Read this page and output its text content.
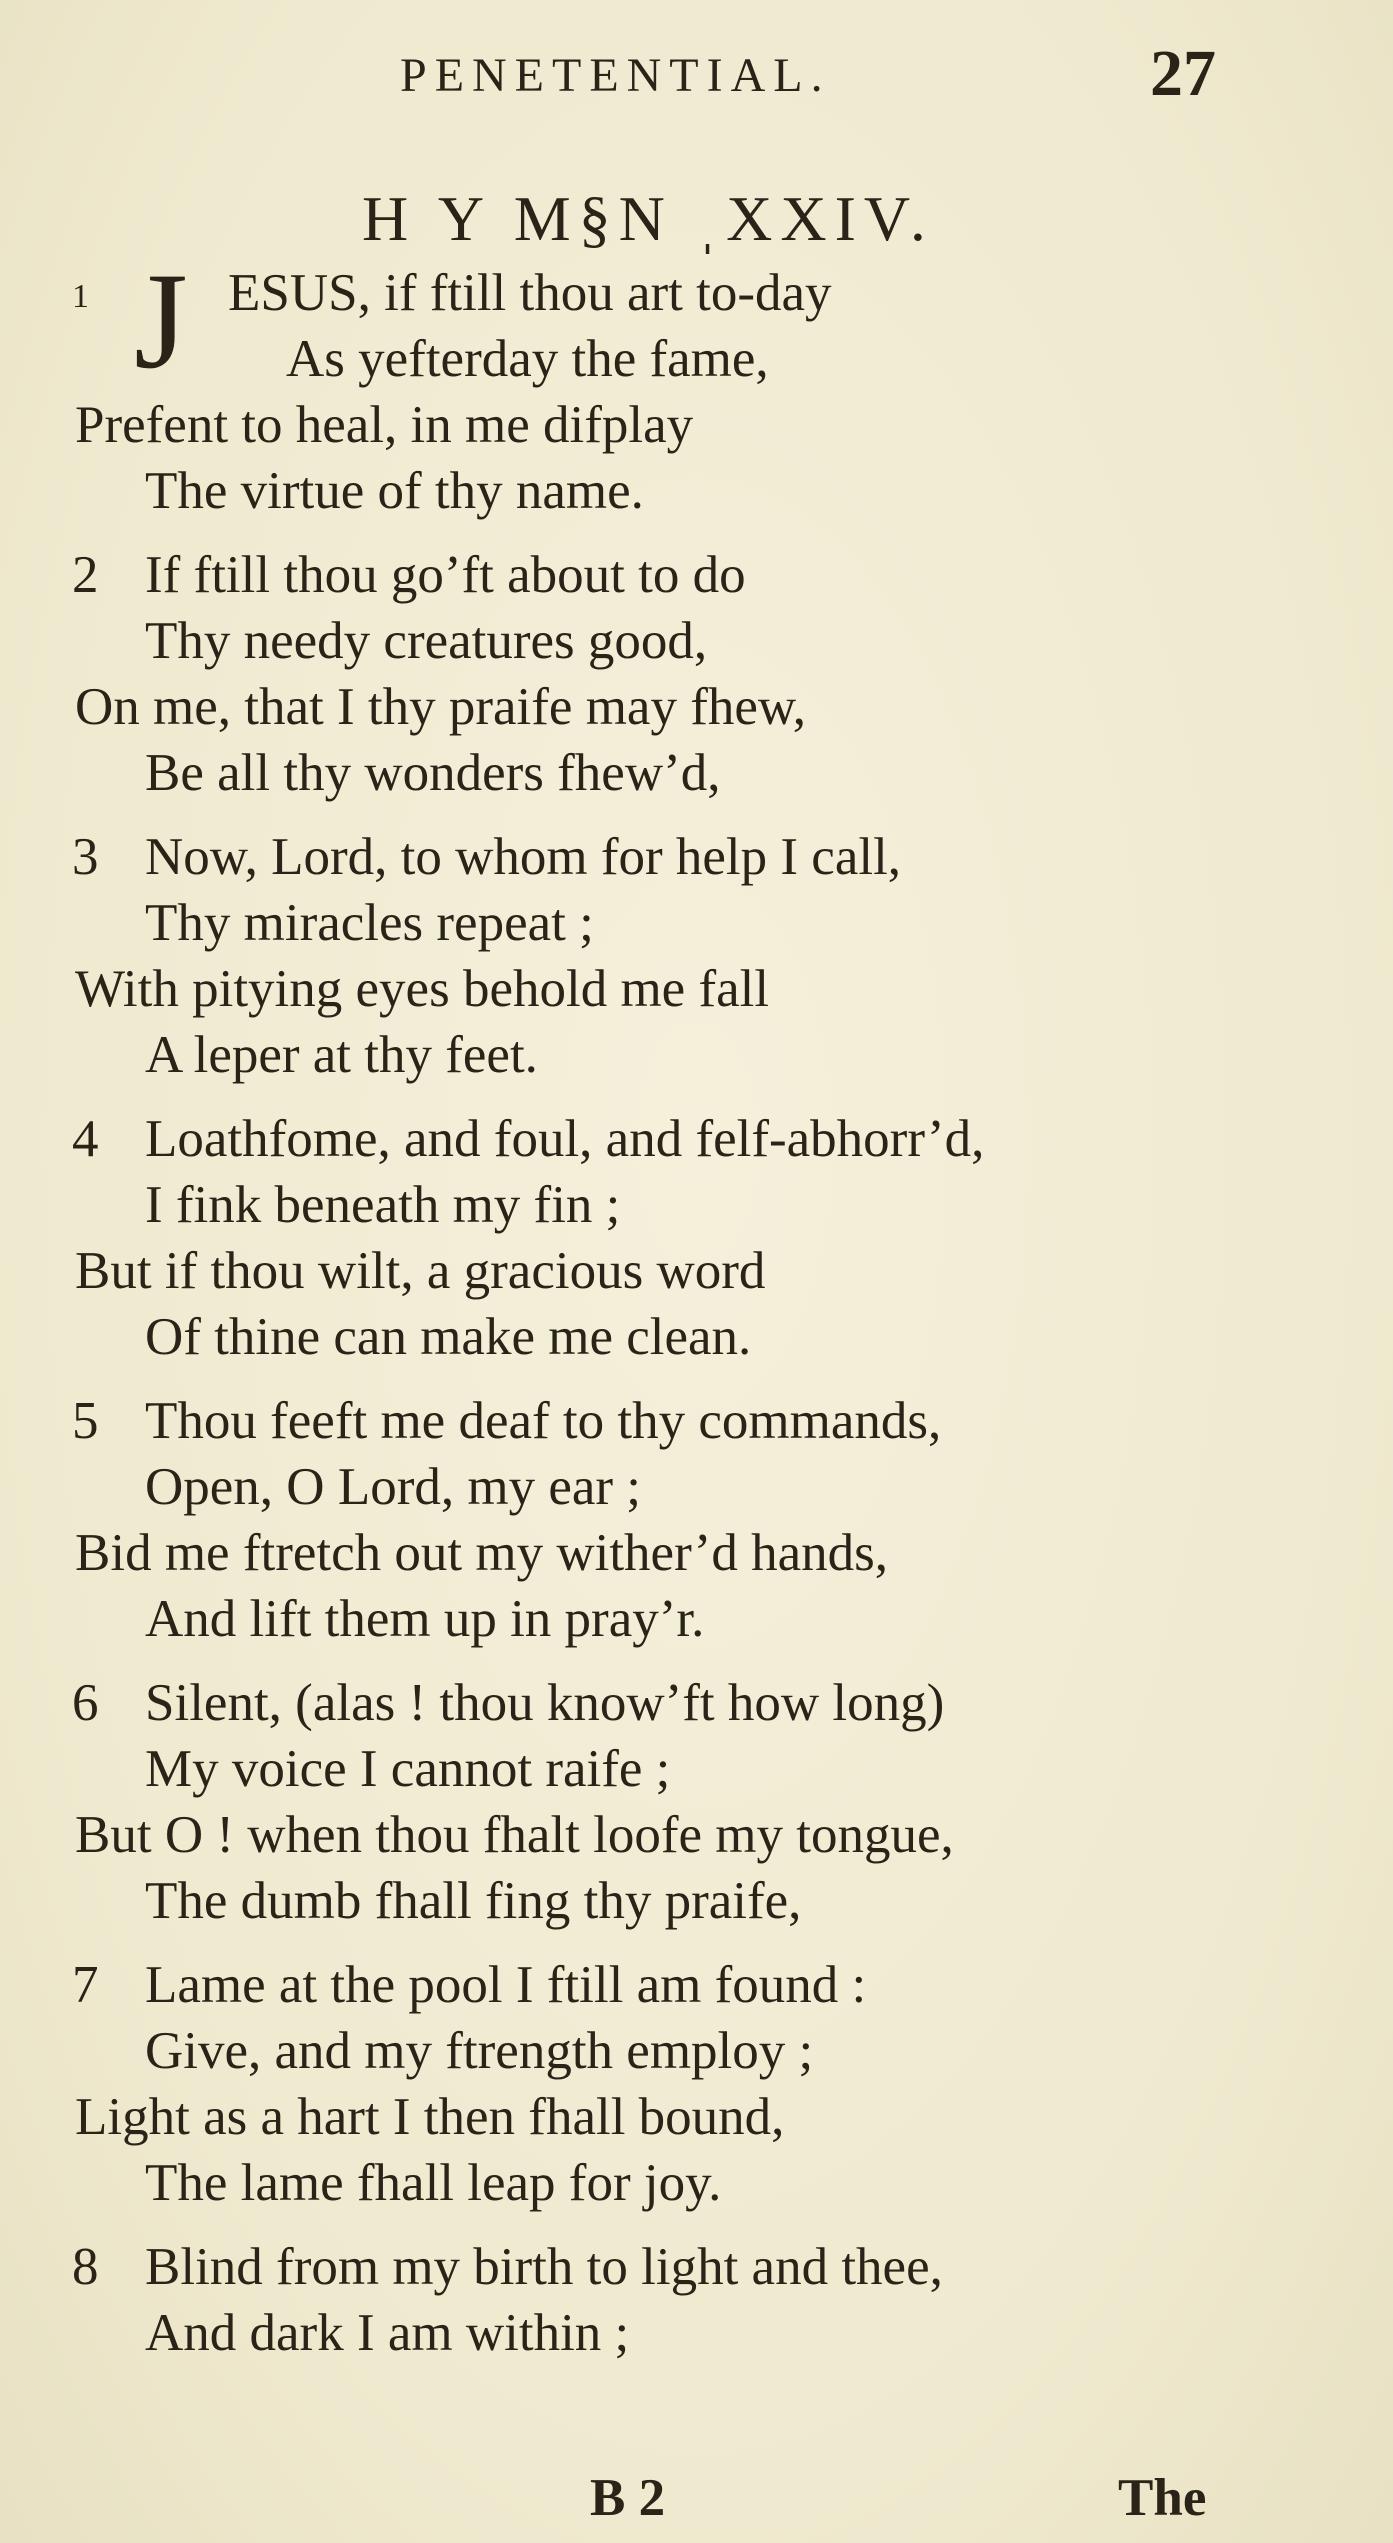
PENETENTIAL.	27
H Y M§N ˌXXIV.
1 J ESUS, if ftill thou art to-day
As yefterday the fame,
Prefent to heal, in me difplay
The virtue of thy name.
2 If ftill thou go’ft about to do
Thy needy creatures good,
On me, that I thy praife may fhew,
Be all thy wonders fhew’d,
3 Now, Lord, to whom for help I call,
Thy miracles repeat ;
With pitying eyes behold me fall
A leper at thy feet.
4 Loathfome, and foul, and felf-abhorr’d,
I fink beneath my fin ;
But if thou wilt, a gracious word
Of thine can make me clean.
5 Thou feeft me deaf to thy commands,
Open, O Lord, my ear ;
Bid me ftretch out my wither’d hands,
And lift them up in pray’r.
6 Silent, (alas ! thou know’ft how long)
My voice I cannot raife ;
But O ! when thou fhalt loofe my tongue,
The dumb fhall fing thy praife,
7 Lame at the pool I ftill am found :
Give, and my ftrength employ ;
Light as a hart I then fhall bound,
The lame fhall leap for joy.
8 Blind from my birth to light and thee,
And dark I am within ;
B 2	The
